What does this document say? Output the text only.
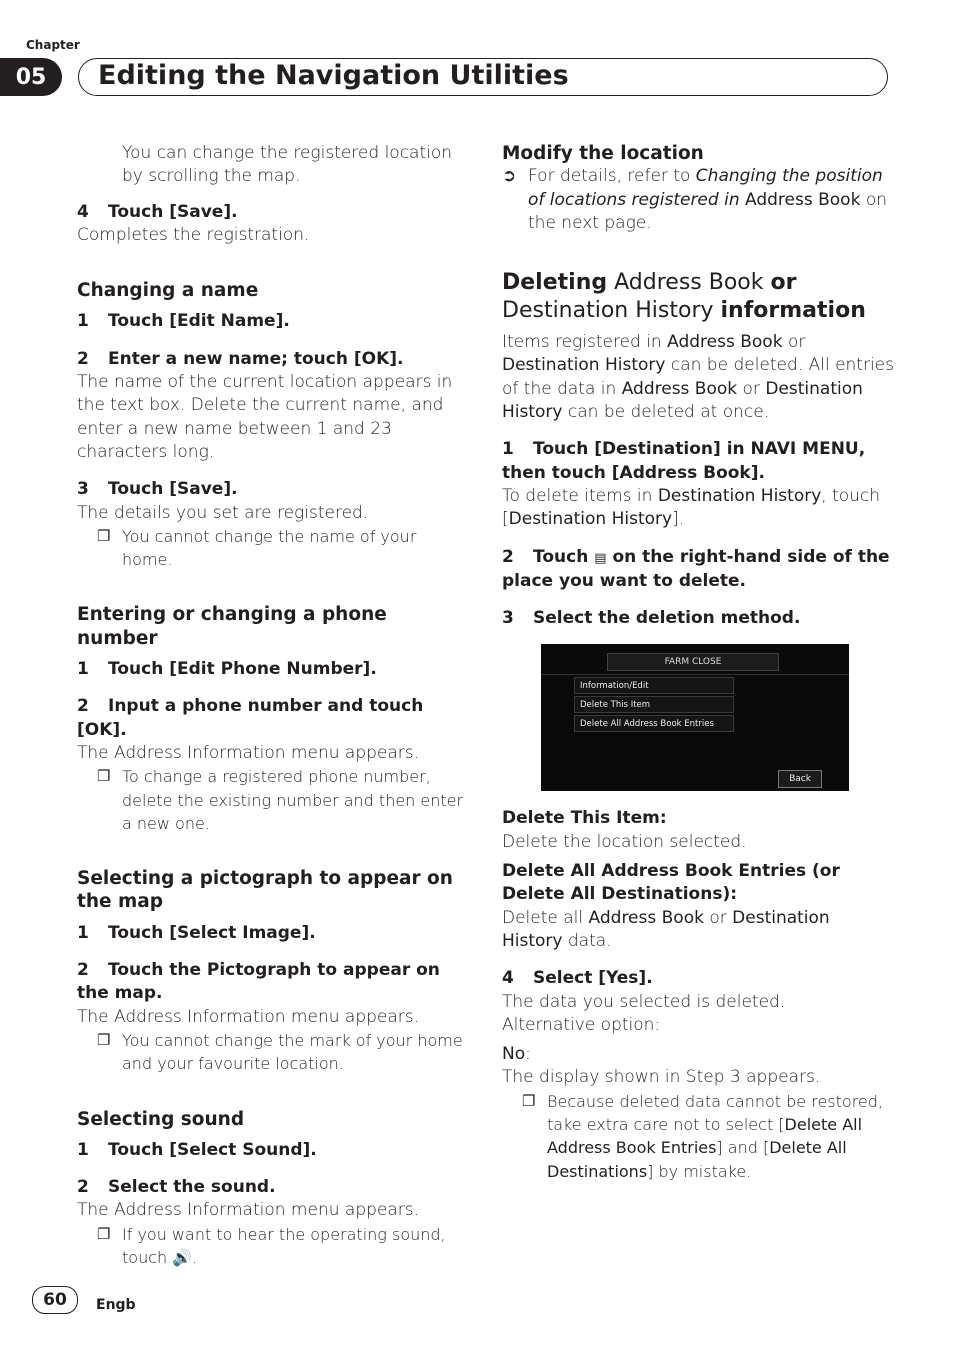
Chapter
05	Editing the Navigation Utilities

You can change the registered location by scrolling the map.

4 Touch [Save].

Completes the registration.

Changing a name

1 Touch [Edit Name].

2 Enter a new name; touch [OK].

The name of the current location appears in the text box. Delete the current name, and enter a new name between 1 and 23 characters long.

3 Touch [Save].

The details you set are registered.

❐ You cannot change the name of your home.

Entering or changing a phone number

1 Touch [Edit Phone Number].

2 Input a phone number and touch [OK].

The Address Information menu appears.

❐ To change a registered phone number, delete the existing number and then enter a new one.

Selecting a pictograph to appear on the map

1 Touch [Select Image].

2 Touch the Pictograph to appear on the map.

The Address Information menu appears.

❐ You cannot change the mark of your home and your favourite location.

Selecting sound

1 Touch [Select Sound].

2 Select the sound.

The Address Information menu appears.

❐ If you want to hear the operating sound, touch 🔊.

Modify the location

➲ For details, refer to Changing the position of locations registered in Address Book on the next page.

Deleting Address Book or Destination History information

Items registered in Address Book or Destination History can be deleted. All entries of the data in Address Book or Destination History can be deleted at once.

1 Touch [Destination] in NAVI MENU, then touch [Address Book].

To delete items in Destination History, touch [Destination History].

2 Touch ▤ on the right-hand side of the place you want to delete.

3 Select the deletion method.

FARM CLOSE
Information/Edit
Delete This Item
Delete All Address Book Entries
Back

Delete This Item:

Delete the location selected.

Delete All Address Book Entries (or Delete All Destinations):

Delete all Address Book or Destination History data.

4 Select [Yes].

The data you selected is deleted.

Alternative option:

No:

The display shown in Step 3 appears.

❐ Because deleted data cannot be restored, take extra care not to select [Delete All Address Book Entries] and [Delete All Destinations] by mistake.

60	Engb
